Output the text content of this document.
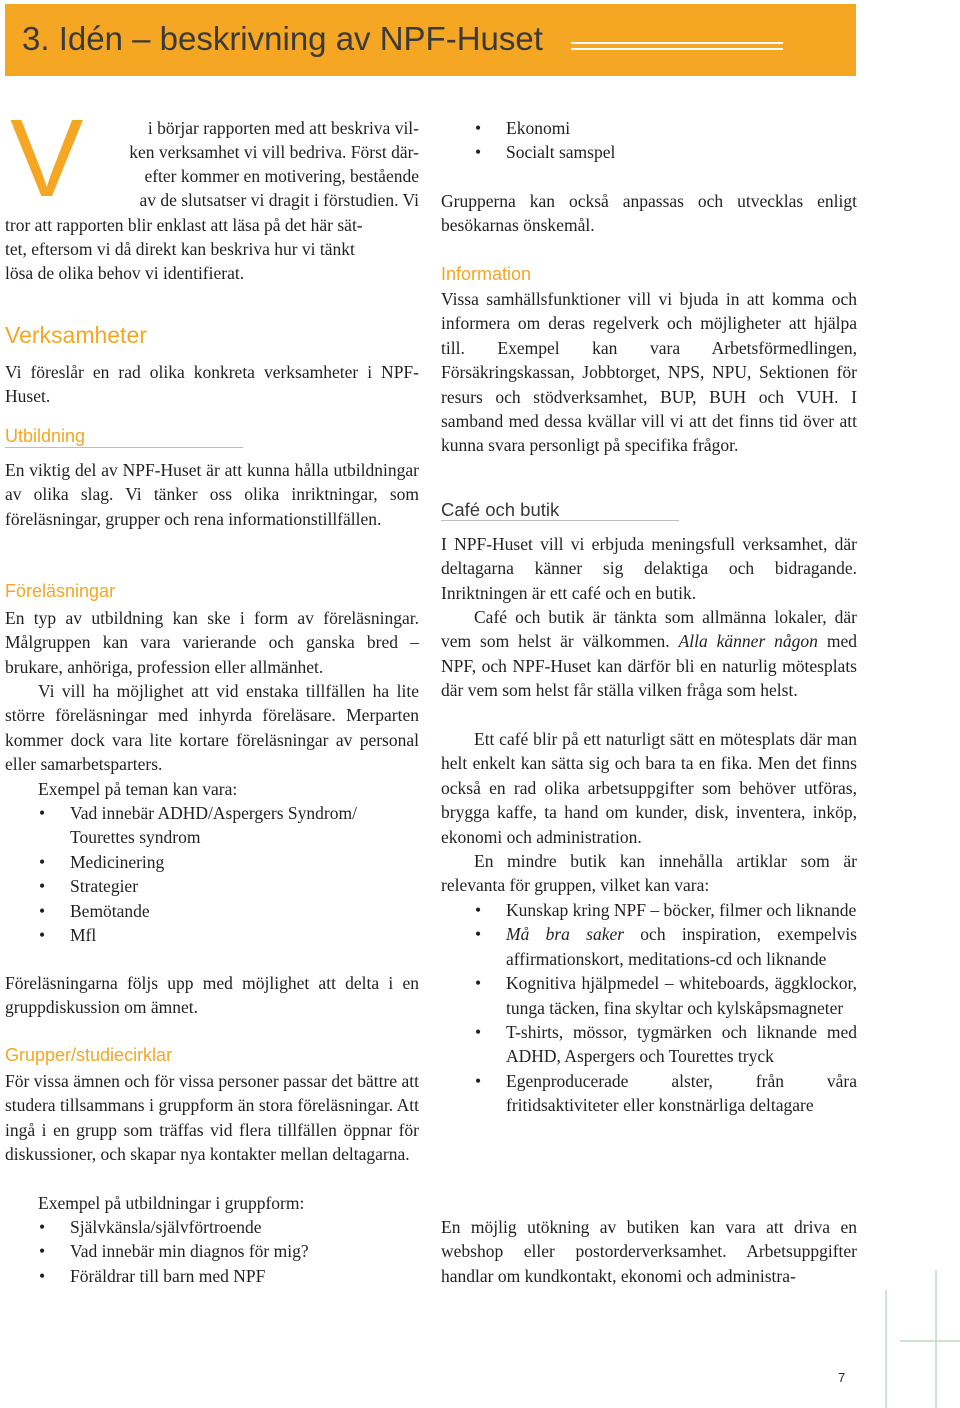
3. Idén – beskrivning av NPF-Huset
V	i börjar rapporten med att beskriva vil-
ken verksamhet vi vill bedriva. Först där-
efter kommer en motivering, bestående
av de slutsatser vi dragit i förstudien. Vi
tror att rapporten blir enklast att läsa på det här sät-
tet, eftersom vi då direkt kan beskriva hur vi tänkt
lösa de olika behov vi identifierat.
Verksamheter
Vi föreslår en rad olika konkreta verksamheter i NPF-Huset.
Utbildning
En viktig del av NPF-Huset är att kunna hålla utbildningar av olika slag. Vi tänker oss olika inriktningar, som föreläsningar, grupper och rena informationstillfällen.
Föreläsningar
En typ av utbildning kan ske i form av föreläsningar. Målgruppen kan vara varierande och ganska bred – brukare, anhöriga, profession eller allmänhet.
Vi vill ha möjlighet att vid enstaka tillfällen ha lite större föreläsningar med inhyrda föreläsare. Merparten kommer dock vara lite kortare föreläsningar av personal eller samarbetsparters.
Exempel på teman kan vara:
• Vad innebär ADHD/Aspergers Syndrom/ Tourettes syndrom
• Medicinering
• Strategier
• Bemötande
• Mfl
Föreläsningarna följs upp med möjlighet att delta i en gruppdiskussion om ämnet.
Grupper/studiecirklar
För vissa ämnen och för vissa personer passar det bättre att studera tillsammans i gruppform än stora föreläsningar. Att ingå i en grupp som träffas vid flera tillfällen öppnar för diskussioner, och skapar nya kontakter mellan deltagarna.
Exempel på utbildningar i gruppform:
• Självkänsla/självförtroende
• Vad innebär min diagnos för mig?
• Föräldrar till barn med NPF
• Ekonomi
• Socialt samspel
Grupperna kan också anpassas och utvecklas enligt besökarnas önskemål.
Information
Vissa samhällsfunktioner vill vi bjuda in att komma och informera om deras regelverk och möjligheter att hjälpa till. Exempel kan vara Arbetsförmedlingen, Försäkringskassan, Jobbtorget, NPS, NPU, Sektionen för resurs och stödverksamhet, BUP, BUH och VUH. I samband med dessa kvällar vill vi att det finns tid över att kunna svara personligt på specifika frågor.
Café och butik
I NPF-Huset vill vi erbjuda meningsfull verksamhet, där deltagarna känner sig delaktiga och bidragande. Inriktningen är ett café och en butik.
Café och butik är tänkta som allmänna lokaler, där vem som helst är välkommen. Alla känner någon med NPF, och NPF-Huset kan därför bli en naturlig mötesplats där vem som helst får ställa vilken fråga som helst.
Ett café blir på ett naturligt sätt en mötesplats där man helt enkelt kan sätta sig och bara ta en fika. Men det finns också en rad olika arbetsuppgifter som behöver utföras, brygga kaffe, ta hand om kunder, disk, inventera, inköp, ekonomi och administration.
En mindre butik kan innehålla artiklar som är relevanta för gruppen, vilket kan vara:
• Kunskap kring NPF – böcker, filmer och liknande
• Må bra saker och inspiration, exempelvis affirmationskort, meditations-cd och liknande
• Kognitiva hjälpmedel – whiteboards, äggklockor, tunga täcken, fina skyltar och kylskåpsmagneter
• T-shirts, mössor, tygmärken och liknande med ADHD, Aspergers och Tourettes tryck
• Egenproducerade alster, från våra fritidsaktiviteter eller konstnärliga deltagare
En möjlig utökning av butiken kan vara att driva en webshop eller postorderverksamhet. Arbetsuppgifter handlar om kundkontakt, ekonomi och administra-
7
